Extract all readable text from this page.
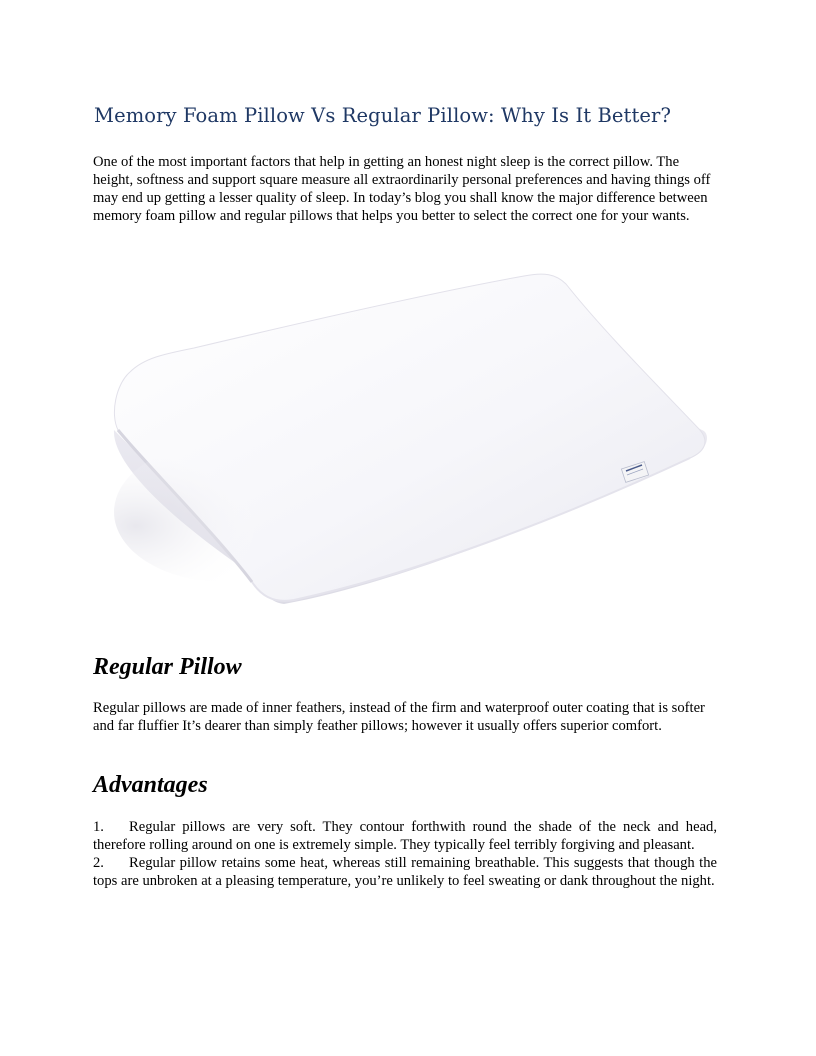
Memory Foam Pillow Vs Regular Pillow: Why Is It Better?

One of the most important factors that help in getting an honest night sleep is the correct pillow. The height, softness and support square measure all extraordinarily personal preferences and having things off may end up getting a lesser quality of sleep. In today’s blog you shall know the major difference between memory foam pillow and regular pillows that helps you better to select the correct one for your wants.

Regular Pillow

Regular pillows are made of inner feathers, instead of the firm and waterproof outer coating that is softer and far fluffier It’s dearer than simply feather pillows; however it usually offers superior comfort.

Advantages
1. Regular pillows are very soft. They contour forthwith round the shade of the neck and head, therefore rolling around on one is extremely simple. They typically feel terribly forgiving and pleasant.
2. Regular pillow retains some heat, whereas still remaining breathable. This suggests that though the tops are unbroken at a pleasing temperature, you’re unlikely to feel sweating or dank throughout the night.
